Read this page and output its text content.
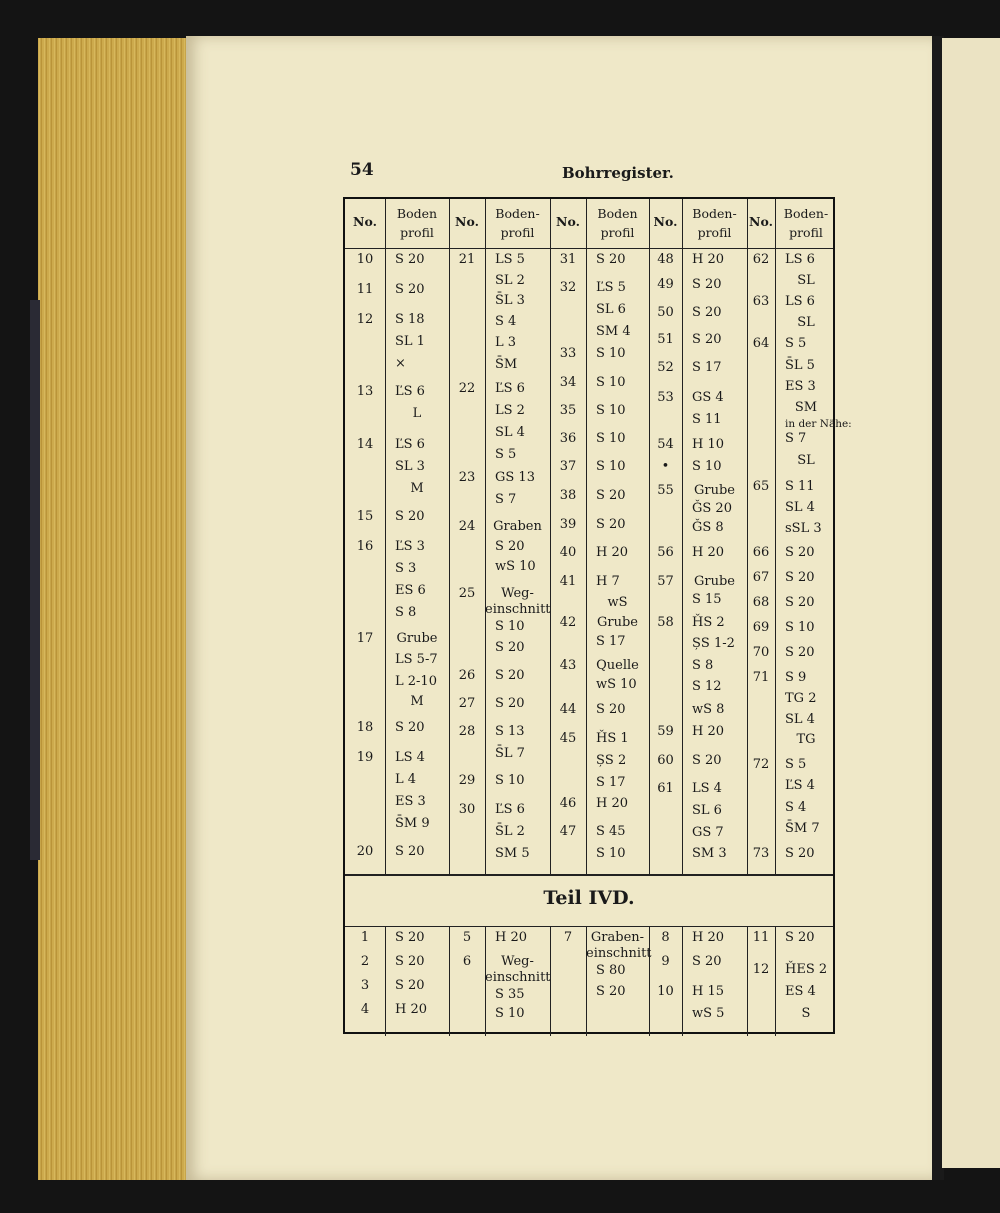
54	Bohrregister.
Teil IVD.
No.
Boden
profil
No.
Boden-
profil
No.
Boden
profil
No.
Boden-
profil
No.
Boden-
profil
10
11
12
13
14
15
16
17
18
19
20
S 20
S 20
S 18
SL 1
×
ĽS 6
L
ĽS 6
SL 3
M
S 20
ĽS 3
S 3
ES 6
S 8
Grube
LS 5-7
L 2-10
M
S 20
LS 4
L 4
ES 3
S̄M 9
S 20
21
22
23
24
25
26
27
28
29
30
LS 5
SL 2
S̄L 3
S 4
L 3
S̄M
ĽS 6
LS 2
SL 4
S 5
GS 13
S 7
Graben
S 20
wS 10
Weg-
einschnitt
S 10
S 20
S 20
S 20
S 13
S̄L 7
S 10
ĽS 6
S̄L 2
SM 5
31
32
33
34
35
36
37
38
39
40
41
42
43
44
45
46
47
S 20
ĽS 5
SL 6
SM 4
S 10
S 10
S 10
S 10
S 10
S 20
S 20
H 20
H 7
wS
Grube
S 17
Quelle
wS 10
S 20
ȞS 1
ȘS 2
S 17
H 20
S 45
S 10
48
49
50
51
52
53
54
•
55
56
57
58
59
60
61
H 20
S 20
S 20
S 20
S 17
GS 4
S 11
H 10
S 10
Grube
ǦS 20
ǦS 8
H 20
Grube
S 15
ȞS 2
ȘS 1-2
S 8
S 12
wS 8
H 20
S 20
LS 4
SL 6
GS 7
SM 3
62
63
64
65
66
67
68
69
70
71
72
73
LS 6
SL
LS 6
SL
S 5
S̄L 5
ES 3
SM
in der Nähe:
S 7
SL
S 11
SL 4
sSL 3
S 20
S 20
S 20
S 10
S 20
S 9
TG 2
SL 4
TG
S 5
ĽS 4
S 4
S̄M 7
S 20
1
2
3
4
S 20
S 20
S 20
H 20
5
6
H 20
Weg-
einschnitt
S 35
S 10
7	Graben-
einschnitt
S 80
S 20
8
9
10
H 20
S 20
H 15
wS 5
11
12
S 20
ȞES 2
ES 4
S
